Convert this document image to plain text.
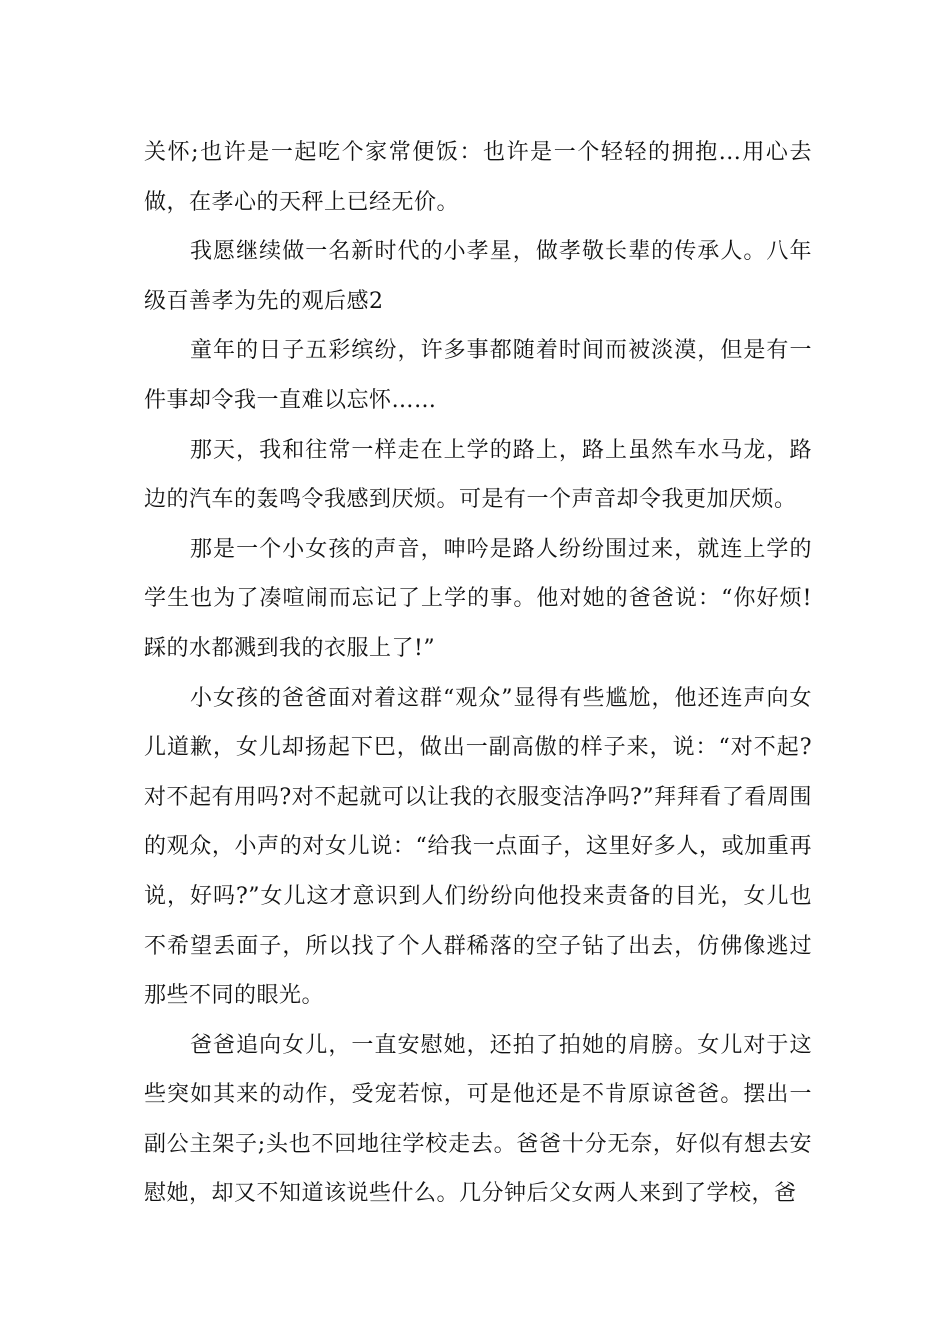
关怀;也许是一起吃个家常便饭：也许是一个轻轻的拥抱...用心去做，在孝心的天秤上已经无价。

我愿继续做一名新时代的小孝星，做孝敬长辈的传承人。八年级百善孝为先的观后感2

童年的日子五彩缤纷，许多事都随着时间而被淡漠，但是有一件事却令我一直难以忘怀……

那天，我和往常一样走在上学的路上，路上虽然车水马龙，路边的汽车的轰鸣令我感到厌烦。可是有一个声音却令我更加厌烦。

那是一个小女孩的声音，呻吟是路人纷纷围过来，就连上学的学生也为了凑喧闹而忘记了上学的事。他对她的爸爸说：“你好烦!踩的水都溅到我的衣服上了!”

小女孩的爸爸面对着这群“观众”显得有些尴尬，他还连声向女儿道歉，女儿却扬起下巴，做出一副高傲的样子来，说：“对不起?对不起有用吗?对不起就可以让我的衣服变洁净吗?”拜拜看了看周围的观众，小声的对女儿说：“给我一点面子，这里好多人，或加重再说，好吗?”女儿这才意识到人们纷纷向他投来责备的目光，女儿也不希望丢面子，所以找了个人群稀落的空子钻了出去，仿佛像逃过那些不同的眼光。

爸爸追向女儿，一直安慰她，还拍了拍她的肩膀。女儿对于这些突如其来的动作，受宠若惊，可是他还是不肯原谅爸爸。摆出一副公主架子;头也不回地往学校走去。爸爸十分无奈，好似有想去安慰她，却又不知道该说些什么。几分钟后父女两人来到了学校，爸
